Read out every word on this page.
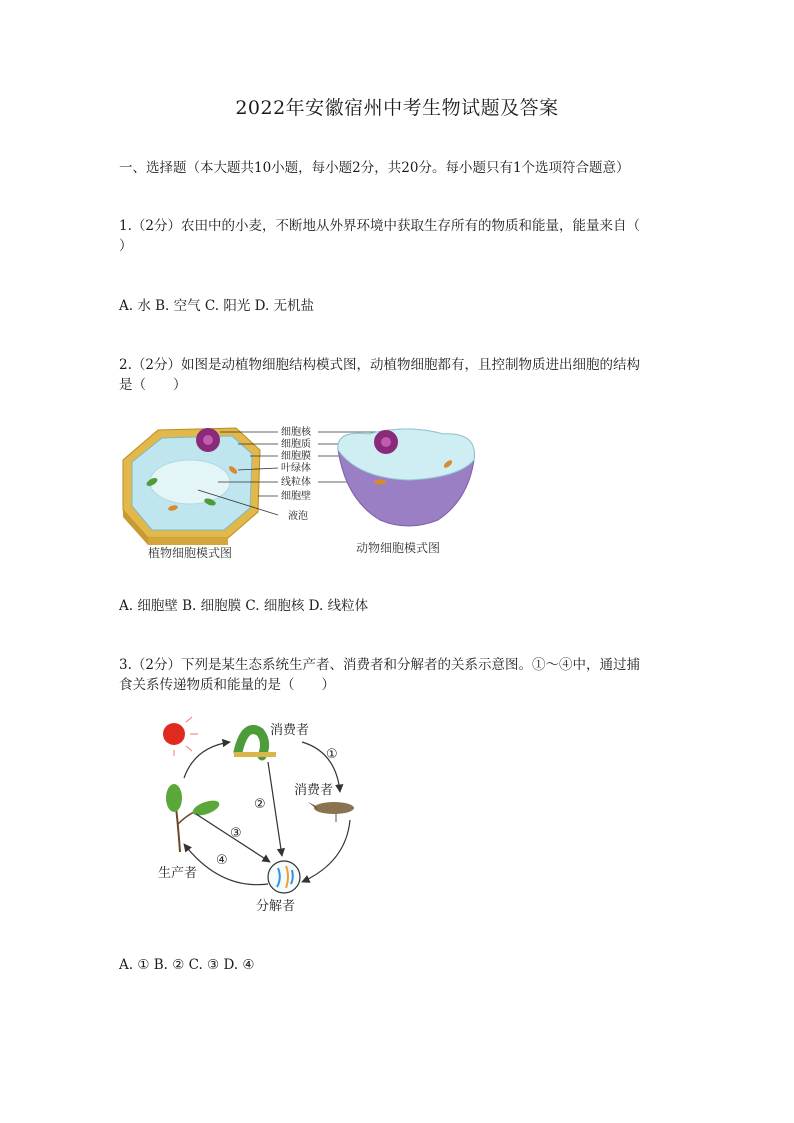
2022年安徽宿州中考生物试题及答案
一、选择题（本大题共10小题，每小题2分，共20分。每小题只有1个选项符合题意）
1.（2分）农田中的小麦，不断地从外界环境中获取生存所有的物质和能量，能量来自（
）
A. 水 B. 空气 C. 阳光 D. 无机盐
2.（2分）如图是动植物细胞结构模式图，动植物细胞都有，且控制物质进出细胞的结构
是（　　）
细胞核
细胞质
细胞膜
叶绿体
线粒体
细胞壁
液泡
植物细胞模式图	动物细胞模式图
A. 细胞壁 B. 细胞膜 C. 细胞核 D. 线粒体
3.（2分）下列是某生态系统生产者、消费者和分解者的关系示意图。①～④中，通过捕
食关系传递物质和能量的是（　　）
消费者
消费者
生产者
分解者
①
②
③
④
A. ① B. ② C. ③ D. ④
